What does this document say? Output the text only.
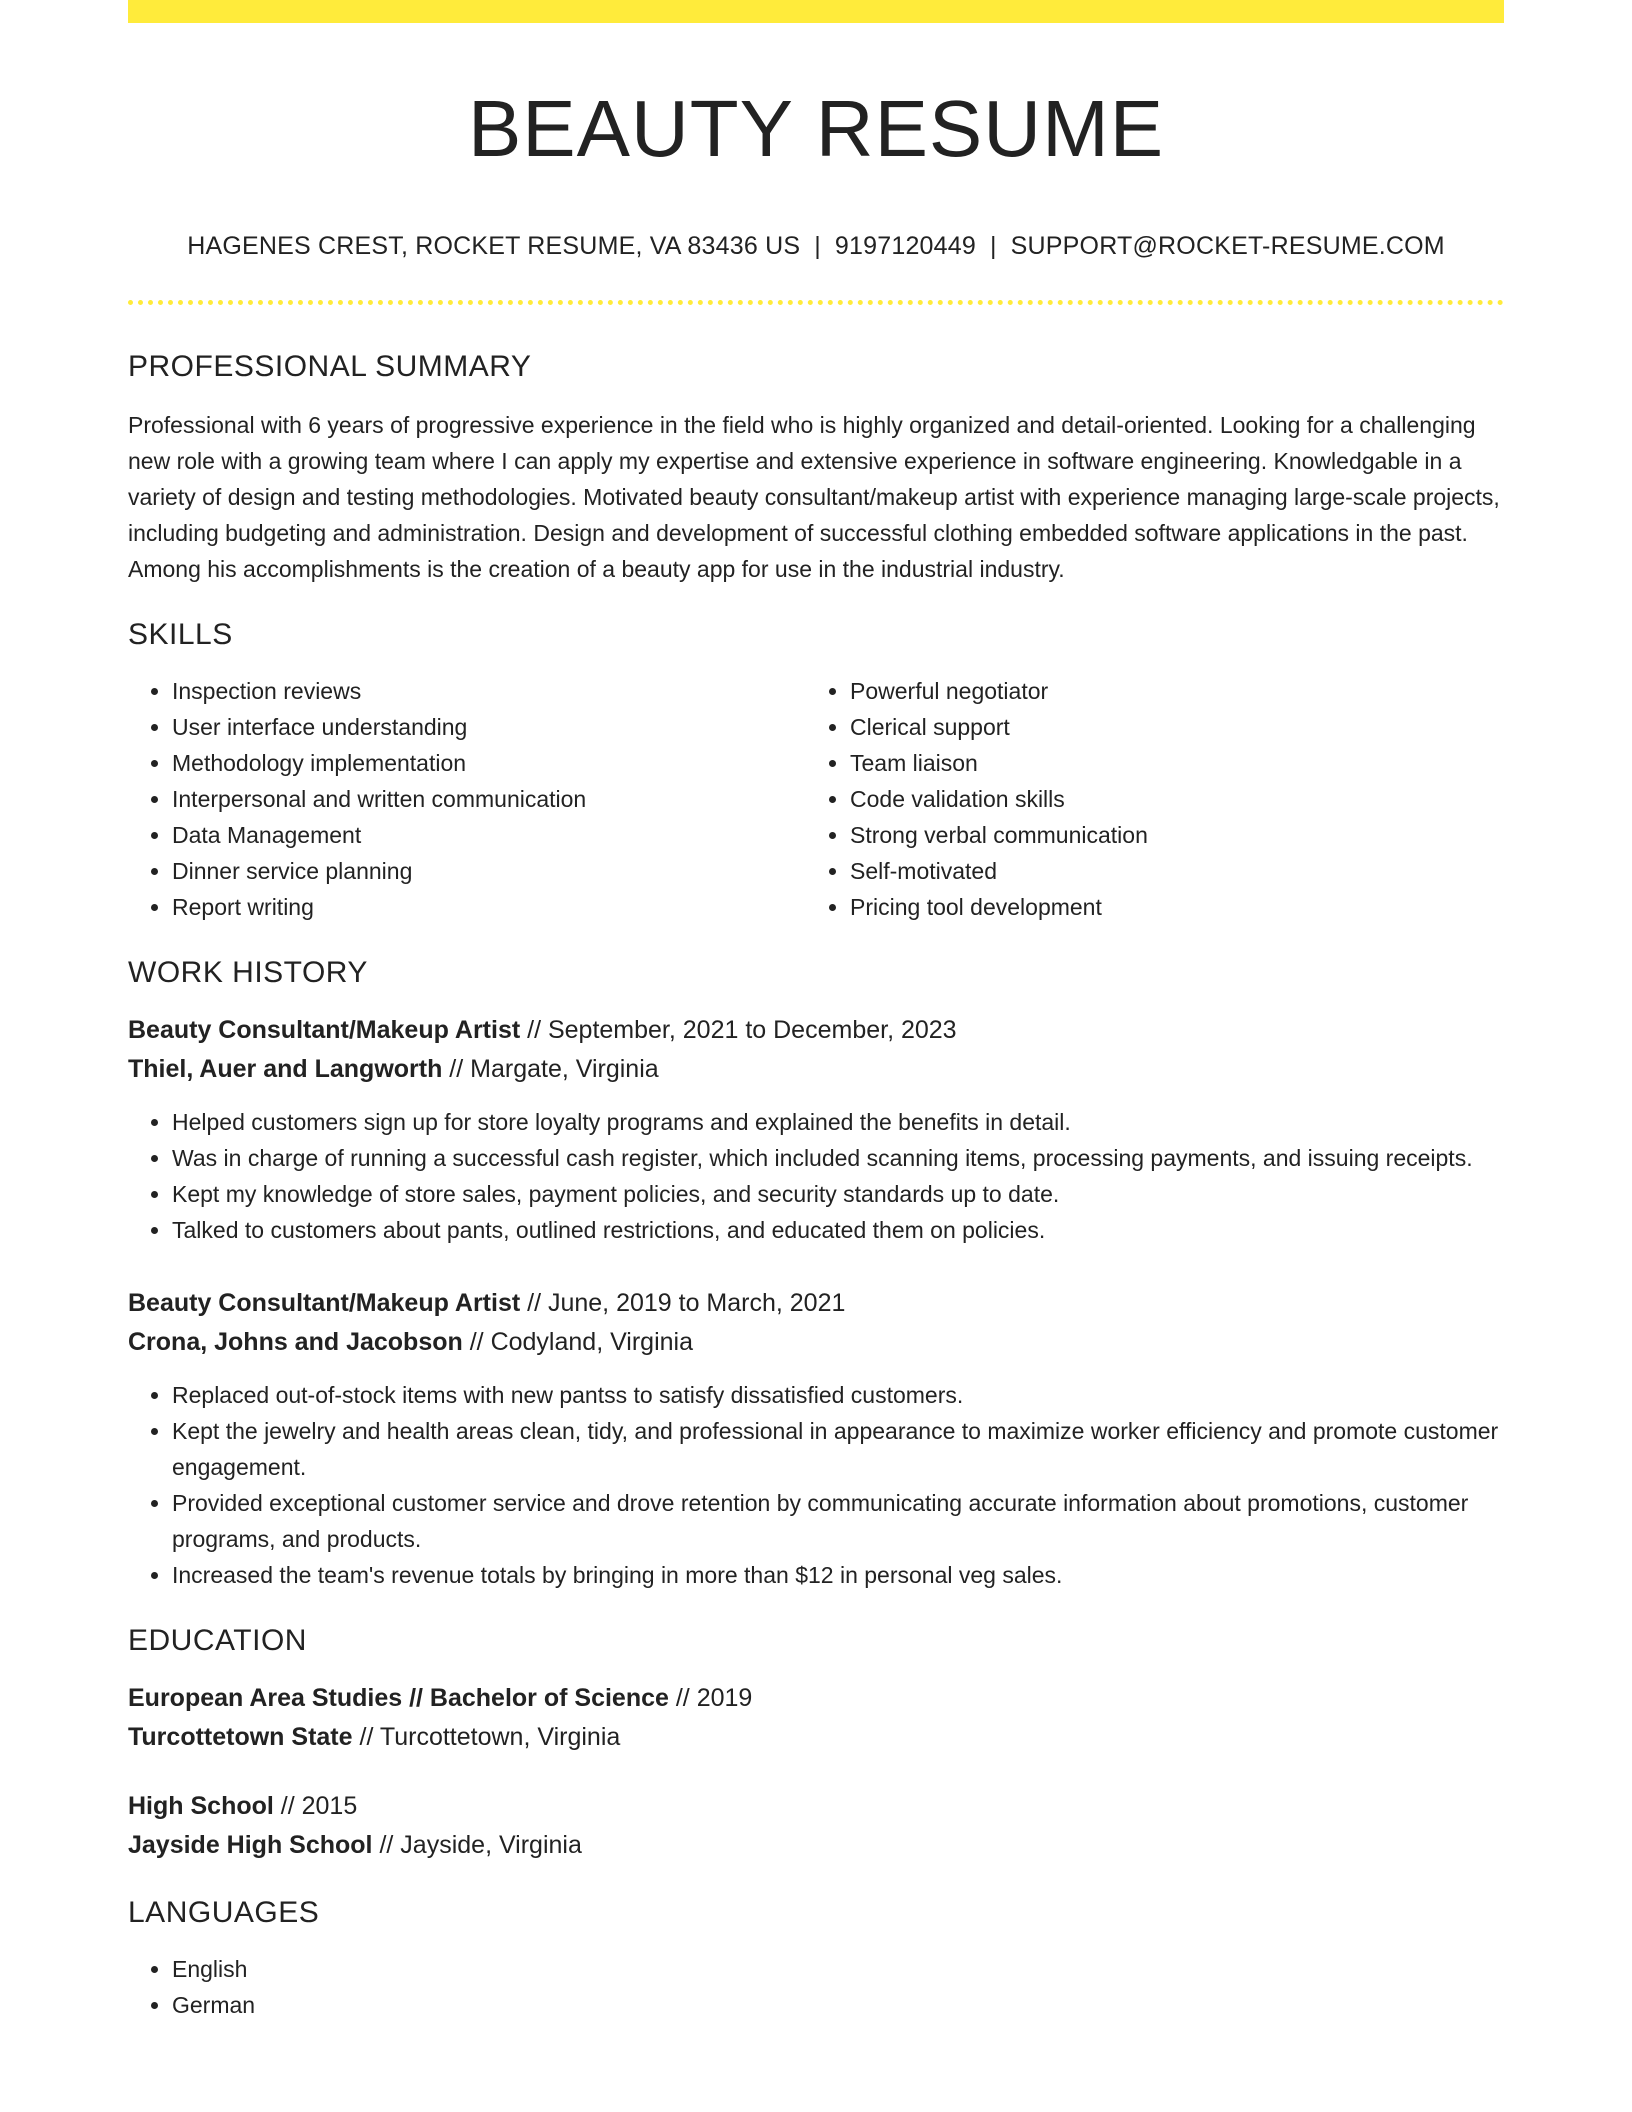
BEAUTY RESUME
HAGENES CREST, ROCKET RESUME, VA 83436 US | 9197120449 | SUPPORT@ROCKET-RESUME.COM
PROFESSIONAL SUMMARY

Professional with 6 years of progressive experience in the field who is highly organized and detail-oriented. Looking for a challenging new role with a growing team where I can apply my expertise and extensive experience in software engineering. Knowledgable in a variety of design and testing methodologies. Motivated beauty consultant/makeup artist with experience managing large-scale projects, including budgeting and administration. Design and development of successful clothing embedded software applications in the past. Among his accomplishments is the creation of a beauty app for use in the industrial industry.

SKILLS
• Inspection reviews
• User interface understanding
• Methodology implementation
• Interpersonal and written communication
• Data Management
• Dinner service planning
• Report writing
• Powerful negotiator
• Clerical support
• Team liaison
• Code validation skills
• Strong verbal communication
• Self-motivated
• Pricing tool development
WORK HISTORY
Beauty Consultant/Makeup Artist // September, 2021 to December, 2023
Thiel, Auer and Langworth // Margate, Virginia
• Helped customers sign up for store loyalty programs and explained the benefits in detail.
• Was in charge of running a successful cash register, which included scanning items, processing payments, and issuing receipts.
• Kept my knowledge of store sales, payment policies, and security standards up to date.
• Talked to customers about pants, outlined restrictions, and educated them on policies.
Beauty Consultant/Makeup Artist // June, 2019 to March, 2021
Crona, Johns and Jacobson // Codyland, Virginia
• Replaced out-of-stock items with new pantss to satisfy dissatisfied customers.
• Kept the jewelry and health areas clean, tidy, and professional in appearance to maximize worker efficiency and promote customer engagement.
• Provided exceptional customer service and drove retention by communicating accurate information about promotions, customer programs, and products.
• Increased the team's revenue totals by bringing in more than $12 in personal veg sales.
EDUCATION
European Area Studies // Bachelor of Science // 2019
Turcottetown State // Turcottetown, Virginia
High School // 2015
Jayside High School // Jayside, Virginia
LANGUAGES
• English
• German
